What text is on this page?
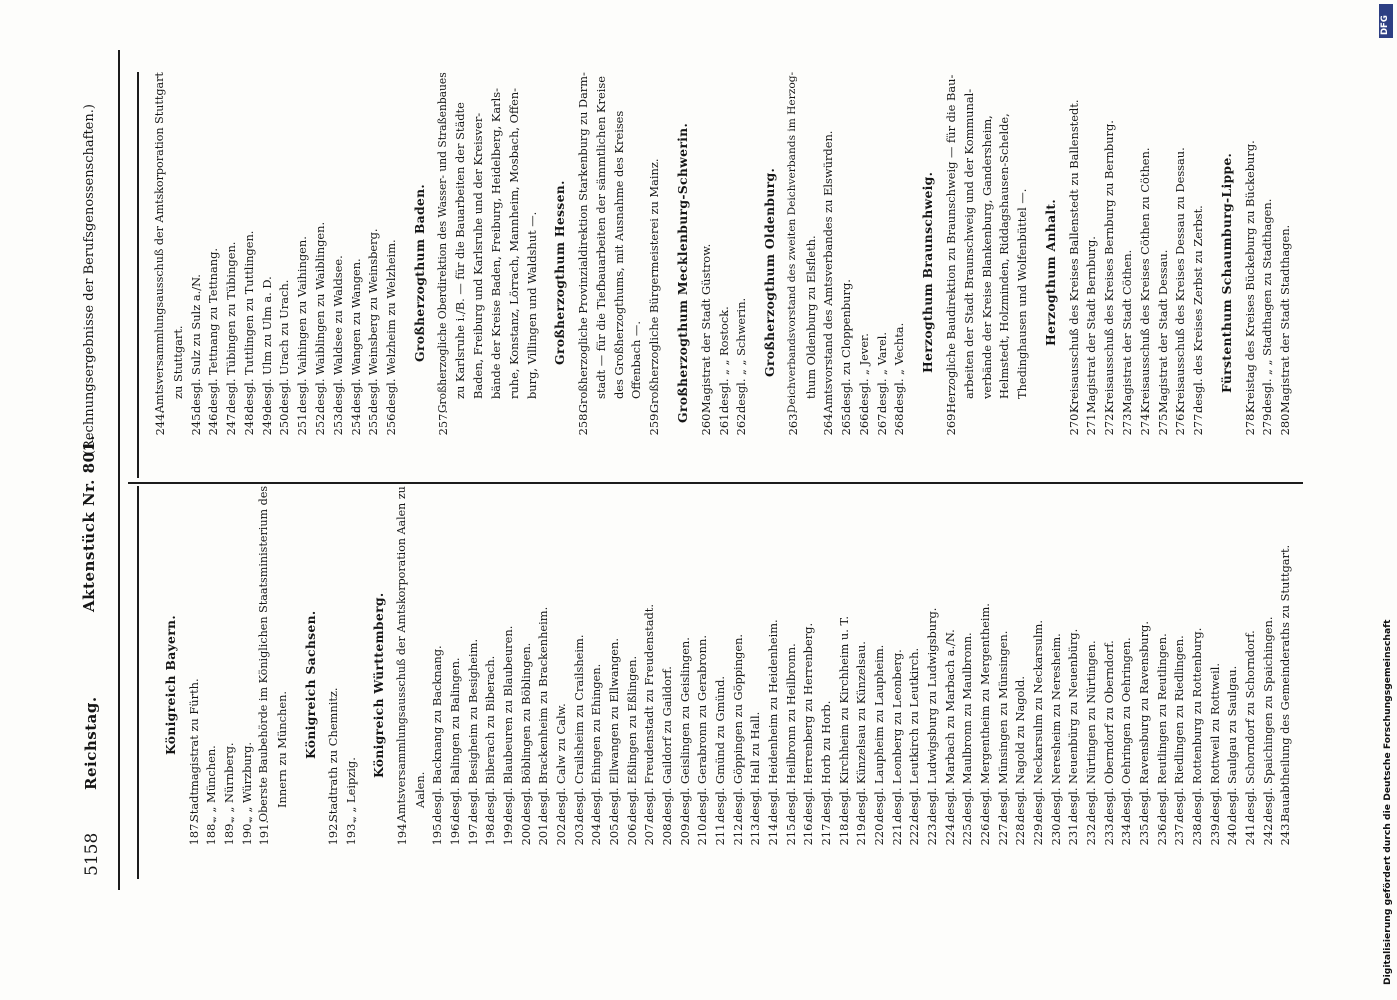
5158
Reichstag.
Aktenstück Nr. 801.
(Rechnungsergebnisse der Berufsgenossenschaften.)
Königreich Bayern.
187.
Stadtmagistrat zu Fürth.
188.
„ „ München.
189.
„ „ Nürnberg.
190.
„ „ Würzburg.
191.
Oberste Baubehörde im Königlichen Staatsministerium des Innern zu München. Königreich Sachsen.
192.
Stadtrath zu Chemnitz.
193.
„ „ Leipzig.
Königreich Württemberg.
194.
Amtsversammlungsausschuß der Amtskorporation Aalen zu Aalen.
195.
desgl. Backnang zu Backnang.
196.
desgl. Balingen zu Balingen.
197.
desgl. Besigheim zu Besigheim.
198.
desgl. Biberach zu Biberach.
199.
desgl. Blaubeuren zu Blaubeuren.
200.
desgl. Böblingen zu Böblingen.
201.
desgl. Brackenheim zu Brackenheim.
202.
desgl. Calw zu Calw.
203.
desgl. Crailsheim zu Crailsheim.
204.
desgl. Ehingen zu Ehingen.
205.
desgl. Ellwangen zu Ellwangen.
206.
desgl. Eßlingen zu Eßlingen.
207.
desgl. Freudenstadt zu Freudenstadt.
208.
desgl. Gaildorf zu Gaildorf.
209.
desgl. Geislingen zu Geislingen.
210.
desgl. Gerabronn zu Gerabronn.
211.
desgl. Gmünd zu Gmünd.
212.
desgl. Göppingen zu Göppingen.
213.
desgl. Hall zu Hall.
214.
desgl. Heidenheim zu Heidenheim.
215.
desgl. Heilbronn zu Heilbronn.
216.
desgl. Herrenberg zu Herrenberg.
217.
desgl. Horb zu Horb.
218.
desgl. Kirchheim zu Kirchheim u. T.
219.
desgl. Künzelsau zu Künzelsau.
220.
desgl. Laupheim zu Laupheim.
221.
desgl. Leonberg zu Leonberg.
222.
desgl. Leutkirch zu Leutkirch.
223.
desgl. Ludwigsburg zu Ludwigsburg.
224.
desgl. Marbach zu Marbach a./N.
225.
desgl. Maulbronn zu Maulbronn.
226.
desgl. Mergentheim zu Mergentheim.
227.
desgl. Münsingen zu Münsingen.
228.
desgl. Nagold zu Nagold.
229.
desgl. Neckarsulm zu Neckarsulm.
230.
desgl. Neresheim zu Neresheim.
231.
desgl. Neuenbürg zu Neuenbürg.
232.
desgl. Nürtingen zu Nürtingen.
233.
desgl. Oberndorf zu Oberndorf.
234.
desgl. Oehringen zu Oehringen.
235.
desgl. Ravensburg zu Ravensburg.
236.
desgl. Reutlingen zu Reutlingen.
237.
desgl. Riedlingen zu Riedlingen.
238.
desgl. Rottenburg zu Rottenburg.
239.
desgl. Rottweil zu Rottweil.
240.
desgl. Saulgau zu Saulgau.
241.
desgl. Schorndorf zu Schorndorf.
242.
desgl. Spaichingen zu Spaichingen.
243.
Bauabtheilung des Gemeinderaths zu Stuttgart.
244.
Amtsversammlungsausschuß der Amtskorporation Stuttgart zu Stuttgart.
245.
desgl. Sulz zu Sulz a./N.
246.
desgl. Tettnang zu Tettnang.
247.
desgl. Tübingen zu Tübingen.
248.
desgl. Tuttlingen zu Tuttlingen.
249.
desgl. Ulm zu Ulm a. D.
250.
desgl. Urach zu Urach.
251.
desgl. Vaihingen zu Vaihingen.
252.
desgl. Waiblingen zu Waiblingen.
253.
desgl. Waldsee zu Waldsee.
254.
desgl. Wangen zu Wangen.
255.
desgl. Weinsberg zu Weinsberg.
256.
desgl. Welzheim zu Welzheim. Großherzogthum Baden.
257.
Großherzogliche Oberdirektion des Wasser- und Straßenbaues zu Karlsruhe i./B. — für die Bauarbeiten der Städte Baden, Freiburg und Karlsruhe und der Kreisver- bände der Kreise Baden, Freiburg, Heidelberg, Karls- ruhe, Konstanz, Lörrach, Mannheim, Mosbach, Offen- burg, Villingen und Waldshut —. Großherzogthum Hessen.
258.
Großherzogliche Provinzialdirektion Starkenburg zu Darm- stadt — für die Tiefbauarbeiten der sämmtlichen Kreise des Großherzogthums, mit Ausnahme des Kreises Offenbach —.
259.
Großherzogliche Bürgermeisterei zu Mainz. Großherzogthum Mecklenburg-Schwerin.
260.
Magistrat der Stadt Güstrow.
261.
desgl. „ „ Rostock.
262.
desgl. „ „ Schwerin. Großherzogthum Oldenburg.
263.
Deichverbandsvorstand des zweiten Deichverbands im Herzog- thum Oldenburg zu Elsfleth.
264.
Amtsvorstand des Amtsverbandes zu Elswürden.
265.
desgl. zu Cloppenburg.
266.
desgl. „ Jever.
267.
desgl. „ Varel.
268.
desgl. „ Vechta. Herzogthum Braunschweig.
269.
Herzogliche Baudirektion zu Braunschweig — für die Bau- arbeiten der Stadt Braunschweig und der Kommunal- verbände der Kreise Blankenburg, Gandersheim, Helmstedt, Holzminden, Riddagshausen-Schelde, Thedinghausen und Wolfenbüttel —. Herzogthum Anhalt.
270.
Kreisausschuß des Kreises Ballenstedt zu Ballenstedt.
271.
Magistrat der Stadt Bernburg.
272.
Kreisausschuß des Kreises Bernburg zu Bernburg.
273.
Magistrat der Stadt Cöthen.
274.
Kreisausschuß des Kreises Cöthen zu Cöthen.
275.
Magistrat der Stadt Dessau.
276.
Kreisausschuß des Kreises Dessau zu Dessau.
277.
desgl. des Kreises Zerbst zu Zerbst. Fürstenthum Schaumburg-Lippe.
278.
Kreistag des Kreises Bückeburg zu Bückeburg.
279.
desgl. „ „ Stadthagen zu Stadthagen.
280.
Magistrat der Stadt Stadthagen.
Digitalisierung gefördert durch die Deutsche Forschungsgemeinschaft
DFG
